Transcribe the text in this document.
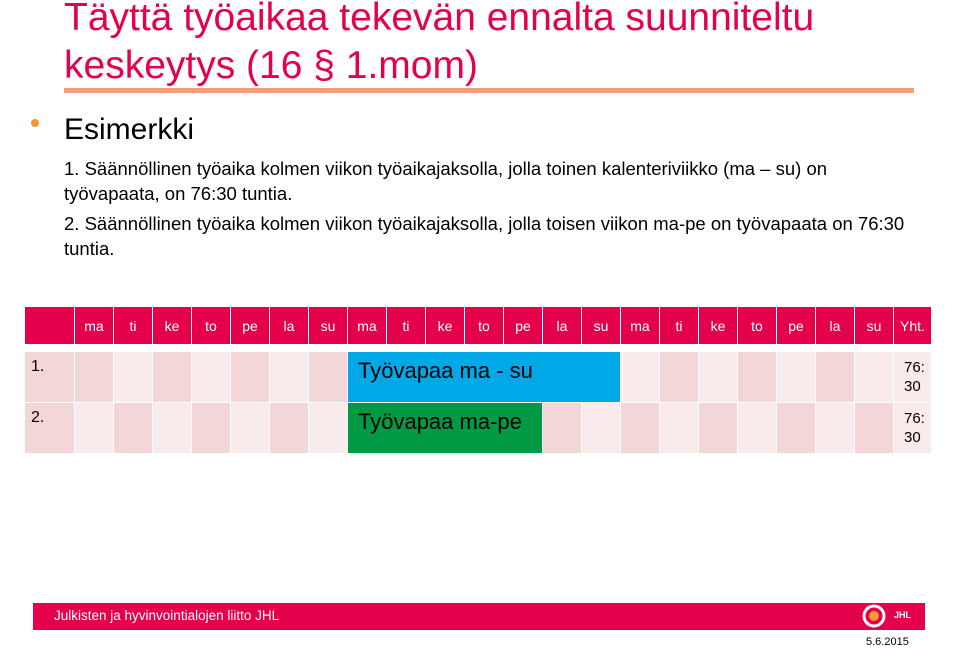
Täyttä työaikaa tekevän ennalta suunniteltu keskeytys (16 § 1.mom)
Esimerkki
1. Säännöllinen työaika kolmen viikon työaikajaksolla, jolla toinen kalenteriviikko (ma – su) on työvapaata, on 76:30 tuntia.
2. Säännöllinen työaika kolmen viikon työaikajaksolla, jolla toisen viikon ma-pe on työvapaata on 76:30 tuntia.
	ma	ti	ke	to	pe	la	su	ma	ti	ke	to	pe	la	su	ma	ti	ke	to	pe	la	su	Yht.

1.								Työvapaa ma - su														76: 30
2.								Työvapaa ma-pe														76: 30
Julkisten ja hyvinvointialojen liitto JHL	JHL
5.6.2015
